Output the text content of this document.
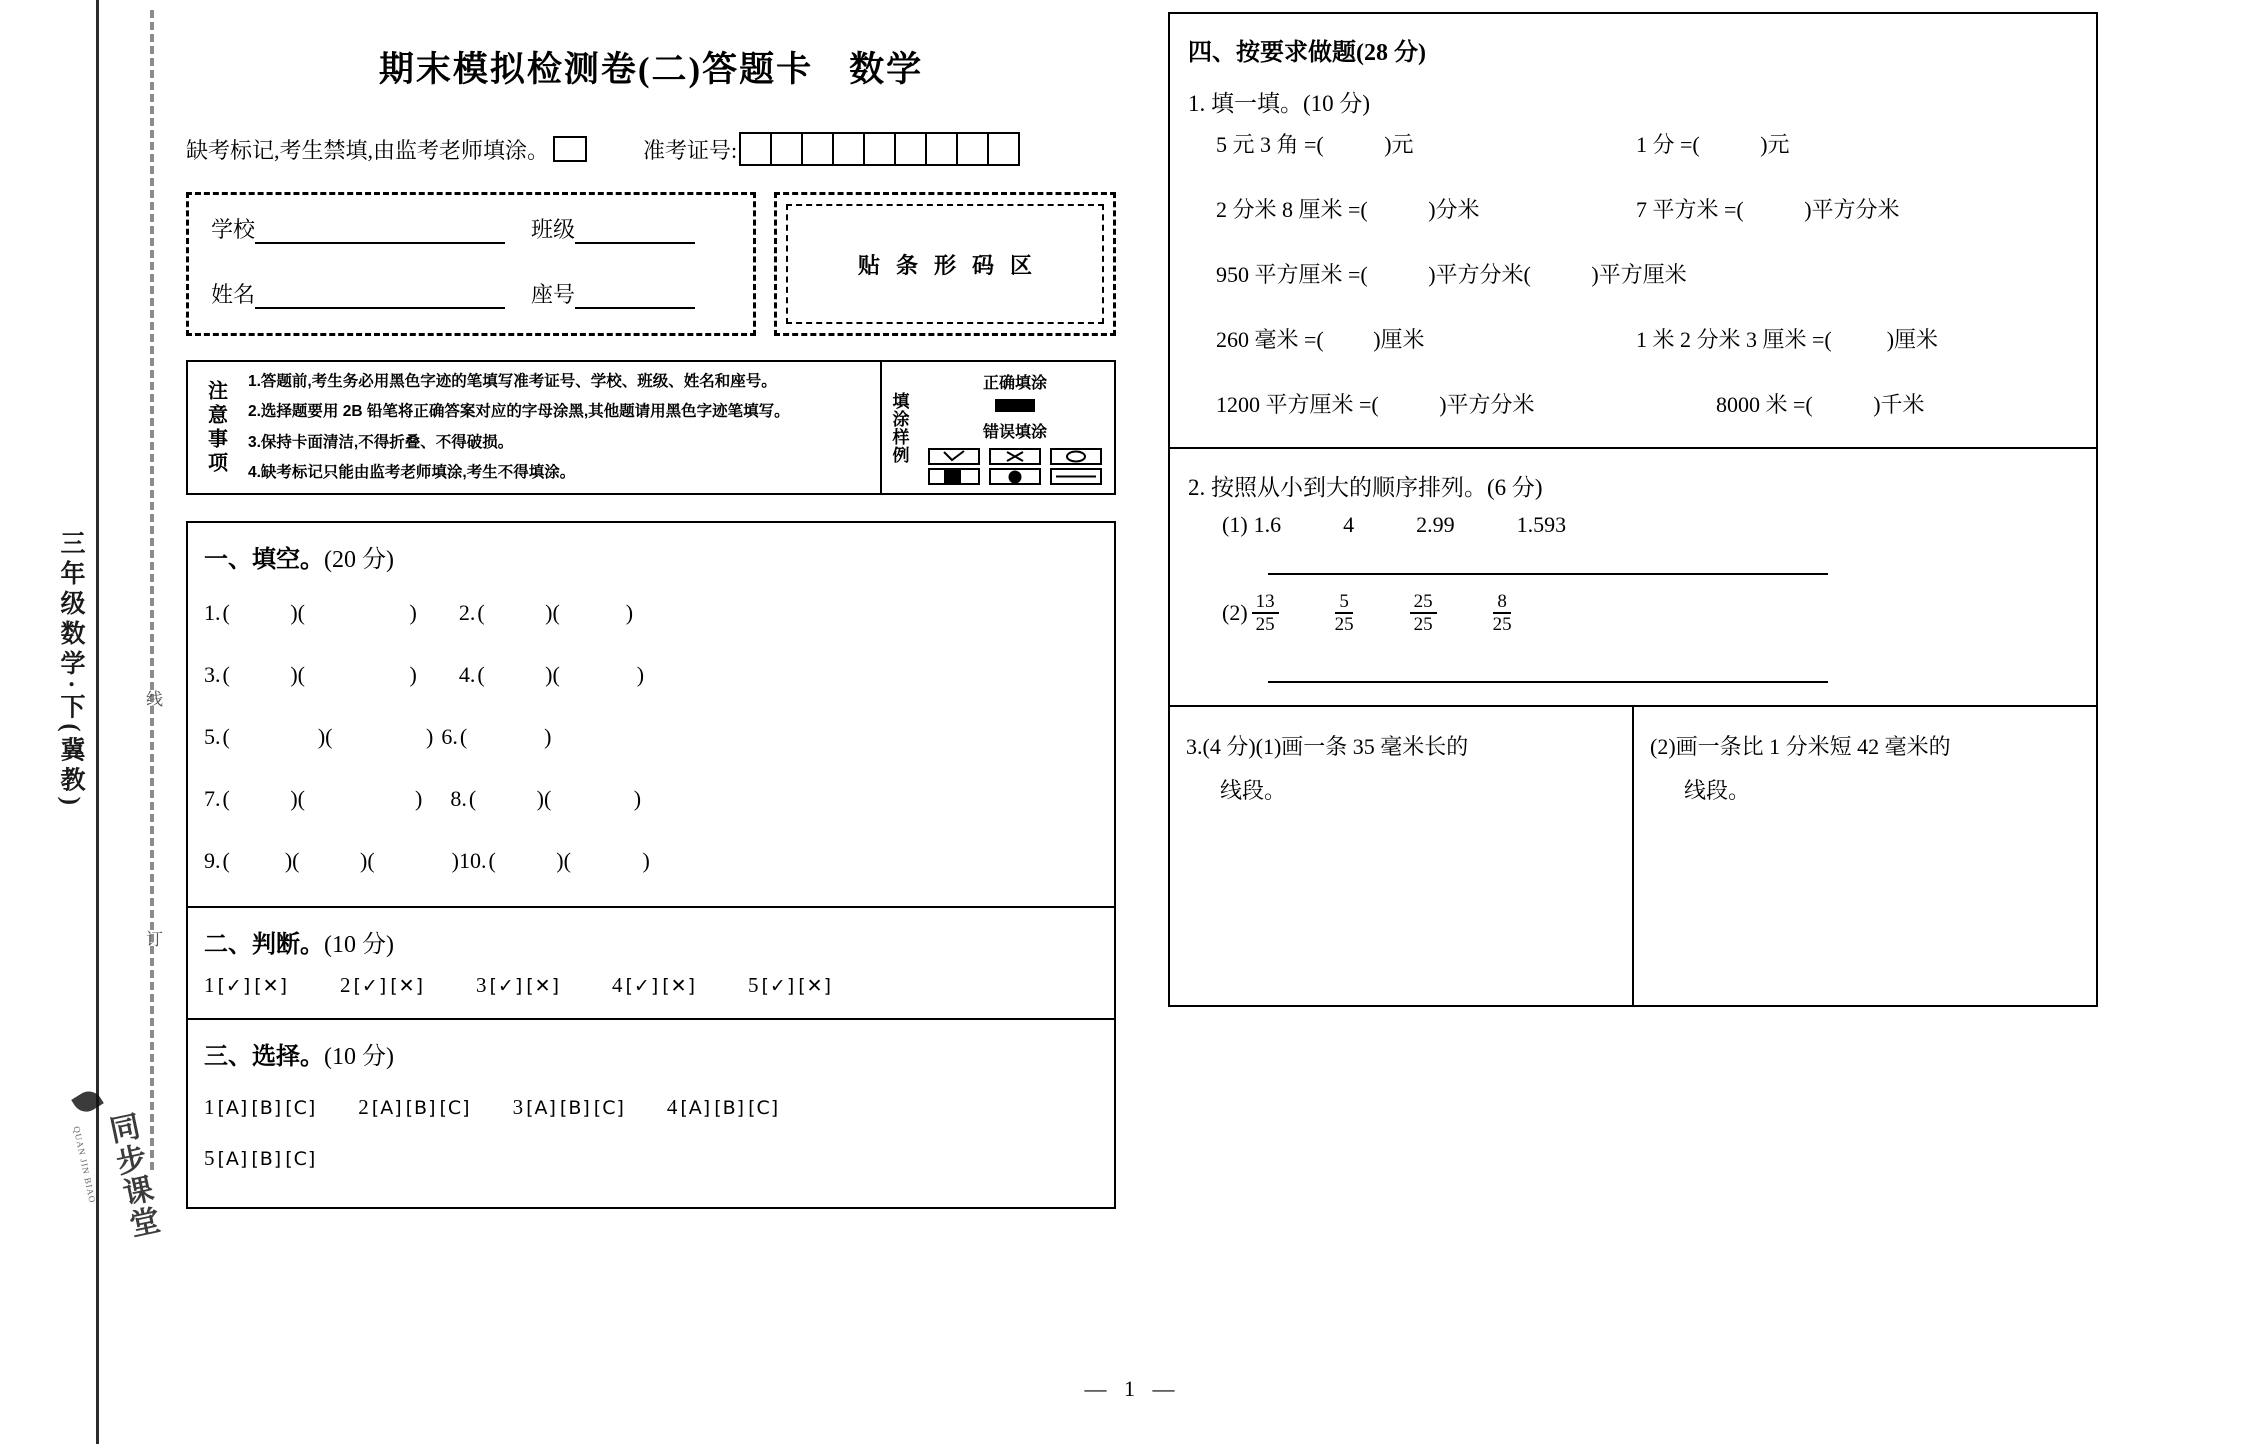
三年级数学·下(冀教)	线
订
同步课堂
QUAN JIN BIAO
期末模拟检测卷(二)答题卡 数学
缺考标记,考生禁填,由监考老师填涂。	准考证号:
学校	班级
姓名	座号
贴条形码区
注意事项 1.答题前,考生务必用黑色字迹的笔填写准考证号、学校、班级、姓名和座号。
2.选择题要用 2B 铅笔将正确答案对应的字母涂黑,其他题请用黑色字迹笔填写。
3.保持卡面清洁,不得折叠、不得破损。
4.缺考标记只能由监考老师填涂,考生不得填涂。
填涂样例
正确填涂
错误填涂
一、填空。(20 分)
1. (           ) (                   ) 2. (           ) (            )
3. (           ) (                   ) 4. (           ) (              )
5. (                ) (                 ) 6. (              )
7. (           ) (                    ) 8. (           ) (               )
9. (          ) (           ) (              ) 10. (           ) (             )
二、判断。(10 分)
1 [✓] [✕] 2 [✓] [✕] 3 [✓] [✕] 4 [✓] [✕] 5 [✓] [✕]
三、选择。(10 分)
1 [A] [B] [C] 2 [A] [B] [C] 3 [A] [B] [C] 4 [A] [B] [C]
5 [A] [B] [C]
四、按要求做题(28 分)
1. 填一填。(10 分)
5 元 3 角 =(	)元	1 分 =(	)元
2 分米 8 厘米 =(	)分米	7 平方米 =(	)平方分米
950 平方厘米 =(	)平方分米(	)平方厘米
260 毫米 =( )厘米	1 米 2 分米 3 厘米 =(	)厘米
1200 平方厘米 =(	)平方分米	8000 米 =(	)千米
2. 按照从小到大的顺序排列。(6 分)
(1) 1.6	4	2.99	1.593
$(2) \frac{13}{25}$	$\frac{5}{25}$	$\frac{25}{25}$	$\frac{8}{25}$
3.(4 分)(1)画一条 35 毫米长的
线段。
(2)画一条比 1 分米短 42 毫米的
线段。
— 1 —
